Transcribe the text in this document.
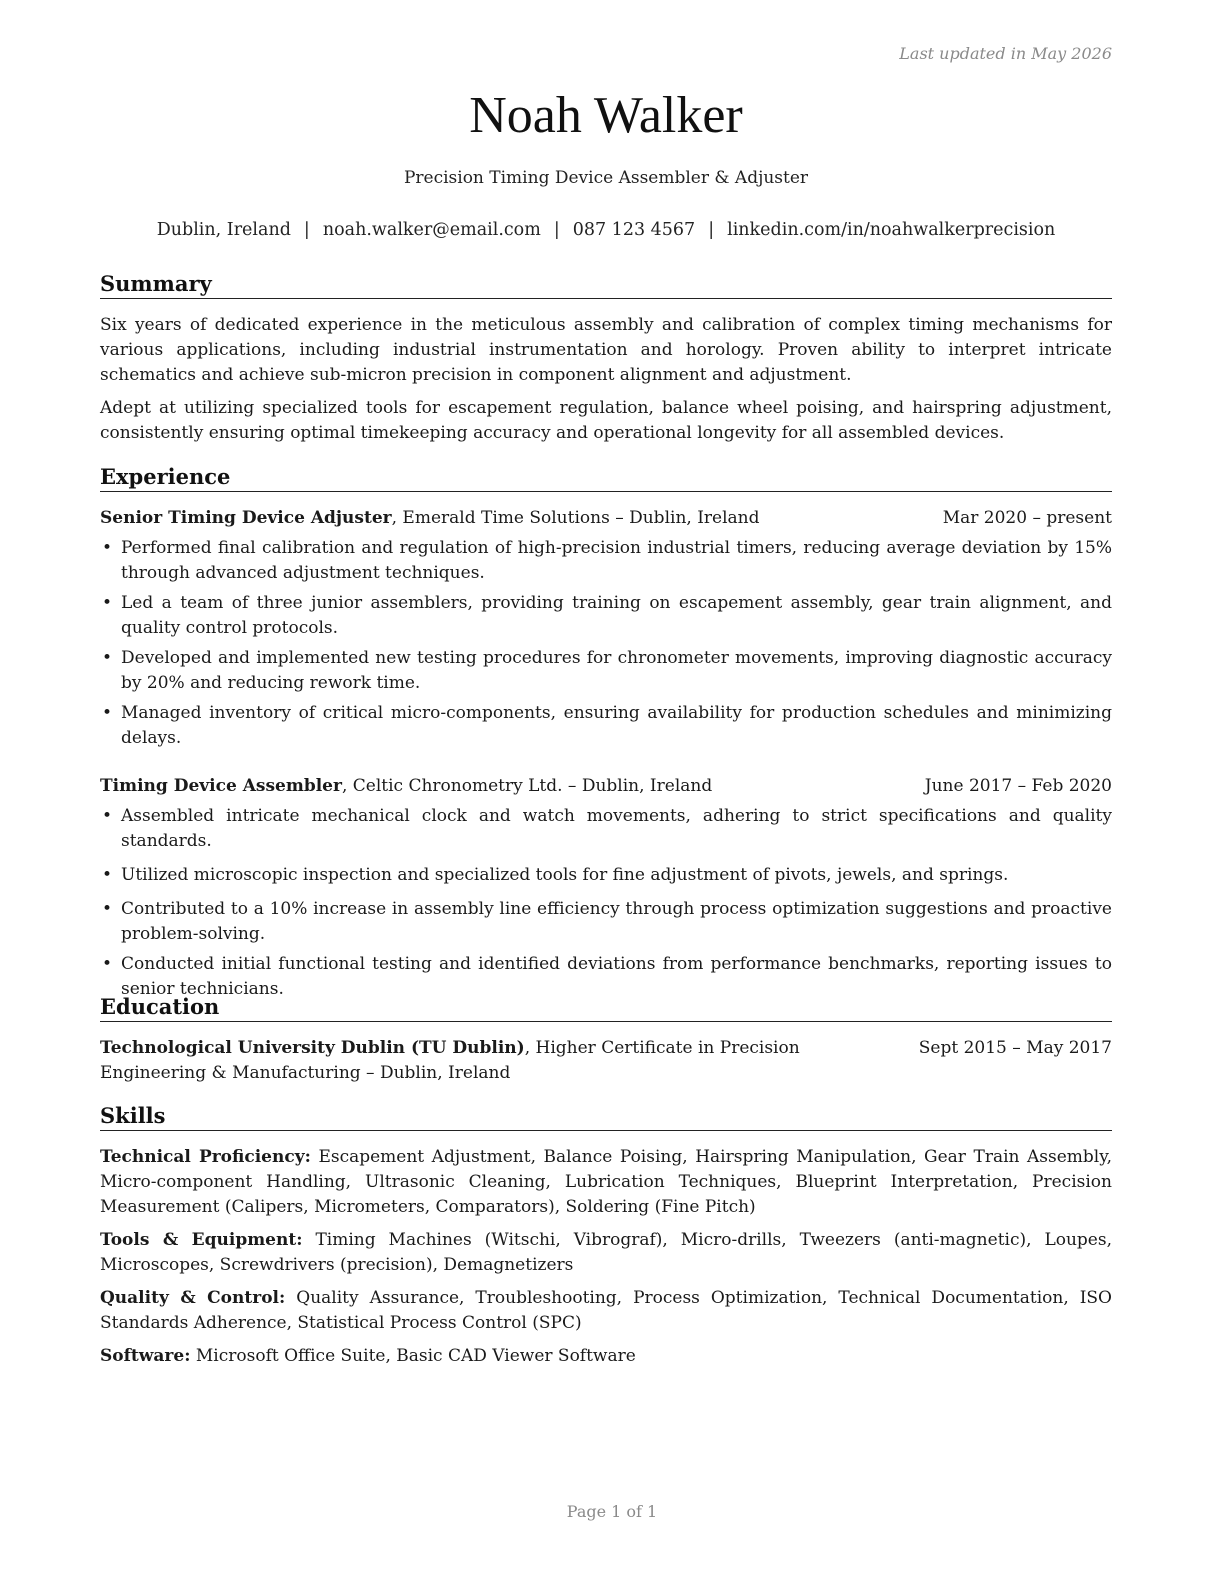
Last updated in May 2026
Noah Walker
Precision Timing Device Assembler & Adjuster
Dublin, Ireland | noah.walker@email.com | 087 123 4567 | linkedin.com/in/noahwalkerprecision
Summary

Six years of dedicated experience in the meticulous assembly and calibration of complex timing mechanisms for various applications, including industrial instrumentation and horology. Proven ability to interpret intricate schematics and achieve sub-micron precision in component alignment and adjustment.

Adept at utilizing specialized tools for escapement regulation, balance wheel poising, and hairspring adjustment, consistently ensuring optimal timekeeping accuracy and operational longevity for all assembled devices.

Experience
Senior Timing Device Adjuster, Emerald Time Solutions – Dublin, Ireland	Mar 2020 – present
• Performed final calibration and regulation of high-precision industrial timers, reducing average deviation by 15% through advanced adjustment techniques.
• Led a team of three junior assemblers, providing training on escapement assembly, gear train alignment, and quality control protocols.
• Developed and implemented new testing procedures for chronometer movements, improving diagnostic accuracy by 20% and reducing rework time.
• Managed inventory of critical micro-components, ensuring availability for production schedules and minimizing delays.
Timing Device Assembler, Celtic Chronometry Ltd. – Dublin, Ireland	June 2017 – Feb 2020
• Assembled intricate mechanical clock and watch movements, adhering to strict specifications and quality standards.
• Utilized microscopic inspection and specialized tools for fine adjustment of pivots, jewels, and springs.
• Contributed to a 10% increase in assembly line efficiency through process optimization suggestions and proactive problem-solving.
• Conducted initial functional testing and identified deviations from performance benchmarks, reporting issues to senior technicians.
Education
Technological University Dublin (TU Dublin), Higher Certificate in Precision Engineering & Manufacturing – Dublin, Ireland
Sept 2015 – May 2017
Skills

Technical Proficiency: Escapement Adjustment, Balance Poising, Hairspring Manipulation, Gear Train Assembly, Micro-component Handling, Ultrasonic Cleaning, Lubrication Techniques, Blueprint Interpretation, Precision Measurement (Calipers, Micrometers, Comparators), Soldering (Fine Pitch)

Tools & Equipment: Timing Machines (Witschi, Vibrograf), Micro-drills, Tweezers (anti-magnetic), Loupes, Microscopes, Screwdrivers (precision), Demagnetizers

Quality & Control: Quality Assurance, Troubleshooting, Process Optimization, Technical Documentation, ISO Standards Adherence, Statistical Process Control (SPC)

Software: Microsoft Office Suite, Basic CAD Viewer Software

Page 1 of 1
